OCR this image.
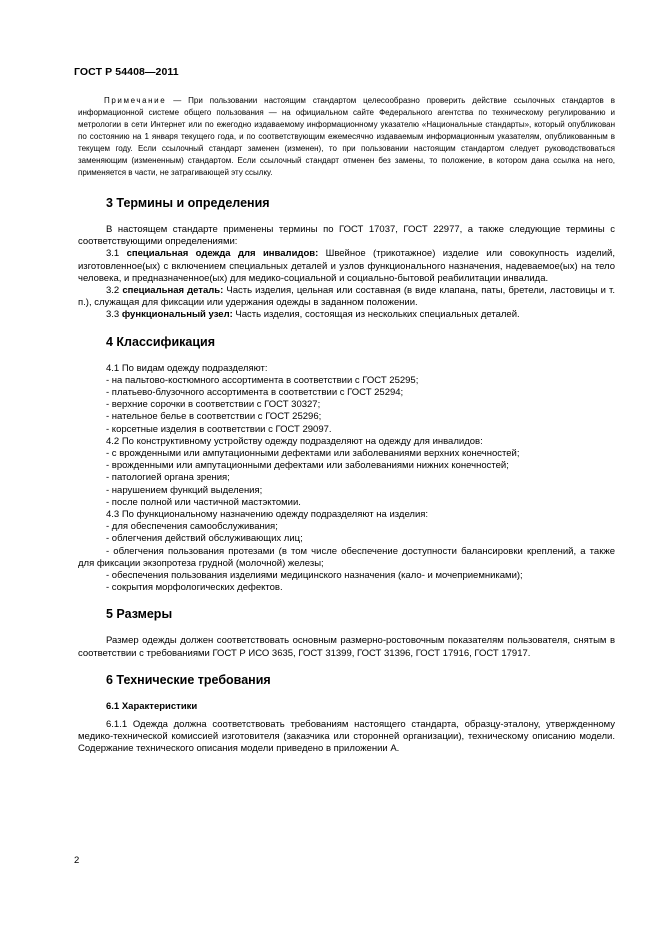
ГОСТ Р 54408—2011

Примечание — При пользовании настоящим стандартом целесообразно проверить действие ссылочных стандартов в информационной системе общего пользования — на официальном сайте Федерального агентства по техническому регулированию и метрологии в сети Интернет или по ежегодно издаваемому информационному указателю «Национальные стандарты», который опубликован по состоянию на 1 января текущего года, и по соответствующим ежемесячно издаваемым информационным указателям, опубликованным в текущем году. Если ссылочный стандарт заменен (изменен), то при пользовании настоящим стандартом следует руководствоваться заменяющим (измененным) стандартом. Если ссылочный стандарт отменен без замены, то положение, в котором дана ссылка на него, применяется в части, не затрагивающей эту ссылку.

3 Термины и определения

В настоящем стандарте применены термины по ГОСТ 17037, ГОСТ 22977, а также следующие термины с соответствующими определениями:

3.1 специальная одежда для инвалидов: Швейное (трикотажное) изделие или совокупность изделий, изготовленное(ых) с включением специальных деталей и узлов функционального назначения, надеваемое(ых) на тело человека, и предназначенное(ых) для медико-социальной и социально-бытовой реабилитации инвалида.

3.2 специальная деталь: Часть изделия, цельная или составная (в виде клапана, паты, бретели, ластовицы и т. п.), служащая для фиксации или удержания одежды в заданном положении.

3.3 функциональный узел: Часть изделия, состоящая из нескольких специальных деталей.

4 Классификация

4.1 По видам одежду подразделяют:

- на пальтово-костюмного ассортимента в соответствии с ГОСТ 25295;

- платьево-блузочного ассортимента в соответствии с ГОСТ 25294;

- верхние сорочки в соответствии с ГОСТ 30327;

- нательное белье в соответствии с ГОСТ 25296;

- корсетные изделия в соответствии с ГОСТ 29097.

4.2 По конструктивному устройству одежду подразделяют на одежду для инвалидов:

- с врожденными или ампутационными дефектами или заболеваниями верхних конечностей;

- врожденными или ампутационными дефектами или заболеваниями нижних конечностей;

- патологией органа зрения;

- нарушением функций выделения;

- после полной или частичной мастэктомии.

4.3 По функциональному назначению одежду подразделяют на изделия:

- для обеспечения самообслуживания;

- облегчения действий обслуживающих лиц;

- облегчения пользования протезами (в том числе обеспечение доступности балансировки креплений, а также для фиксации экзопротеза грудной (молочной) железы;

- обеспечения пользования изделиями медицинского назначения (кало- и мочеприемниками);

- сокрытия морфологических дефектов.

5 Размеры

Размер одежды должен соответствовать основным размерно-ростовочным показателям пользователя, снятым в соответствии с требованиями ГОСТ Р ИСО 3635, ГОСТ 31399, ГОСТ 31396, ГОСТ 17916, ГОСТ 17917.

6 Технические требования
6.1 Характеристики

6.1.1 Одежда должна соответствовать требованиям настоящего стандарта, образцу-эталону, утвержденному медико-технической комиссией изготовителя (заказчика или сторонней организации), техническому описанию модели. Содержание технического описания модели приведено в приложении А.

2
